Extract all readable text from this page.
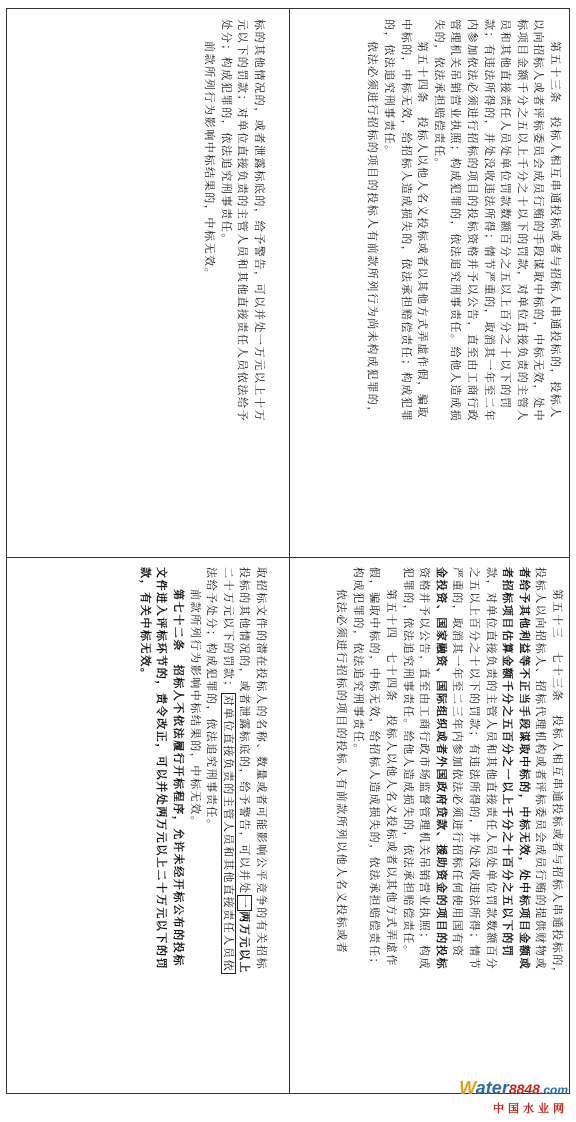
标的其他情况的，或者泄露标底的，给予警告，可以并处一万元以上十万

元以下的罚款；对单位直接负责的主管人员和其他直接责任人员依法给予

处分；构成犯罪的，依法追究刑事责任。

前款所列行为影响中标结果的，中标无效。

取招标文件的潜在投标人的名称、数量或者可能影响公平竞争的有关招标

投标的其他情况的，或者泄露标底的，给予警告，可以并处一两万元以上

二十万元以下的罚款；对单位直接负责的主管人员和其他直接责任人员依

法给予处分；构成犯罪的，依法追究刑事责任。

前款所列行为影响中标结果的，中标无效。

第七十二条　招标人不依法履行开标程序，允许未经开标公布的投标

文件进入评标环节的，责令改正，可以并处两万元以上二十万元以下的罚

款，有关中标无效。

第五十三条　投标人相互串通投标或者与招标人串通投标的，投标人

以向招标人或者评标委员会成员行贿的手段谋取中标的，中标无效，处中

标项目金额千分之五以上千分之十以下的罚款，对单位直接负责的主管人

员和其他直接责任人员处单位罚款数额百分之五以上百分之十以下的罚

款；有违法所得的，并处没收违法所得；情节严重的，取消其一年至二年

内参加依法必须进行招标的项目的投标资格并予以公告，直至由工商行政

管理机关吊销营业执照；构成犯罪的，依法追究刑事责任。给他人造成损

失的，依法承担赔偿责任。

第五十四条　投标人以他人名义投标或者以其他方式弄虚作假，骗取

中标的，中标无效，给招标人造成损失的，依法承担赔偿责任；构成犯罪

的，依法追究刑事责任。

依法必须进行招标的项目的投标人有前款所列行为尚未构成犯罪的，

第五十三　七十三条　投标人相互串通投标或者与招标人串通投标的，

投标人以向招标人、招标代理机构或者评标委员会成员行贿的提供财物或

者给予其他利益等不正当手段谋取中标的，中标无效，处中标项目金额或

者招标项目估算金额千分之五百分之一以上千分之十百分之五以下的罚

款，对单位直接负责的主管人员和其他直接责任人员处单位罚款数额百分

之五以上百分之十以下的罚款；有违法所得的，并处没收违法所得；情节

严重的，取消其一年至二三年内参加依法必须进行招标任何使用国有资

金投资、国家融资、国际组织或者外国政府贷款、援助资金的项目的投标

资格并予以公告，直至由工商行政市场监督管理机关吊销营业执照；构成

犯罪的，依法追究刑事责任。给他人造成损失的，依法承担赔偿责任。

第五十四　七十四条　投标人以他人名义投标或者以其他方式弄虚作

假，骗取中标的，中标无效，给招标人造成损失的，依法承担赔偿责任；

构成犯罪的，依法追究刑事责任。

依法必须进行招标的项目的投标人有前款所列以他人名义投标或者

Water8848.com
中国水业网
